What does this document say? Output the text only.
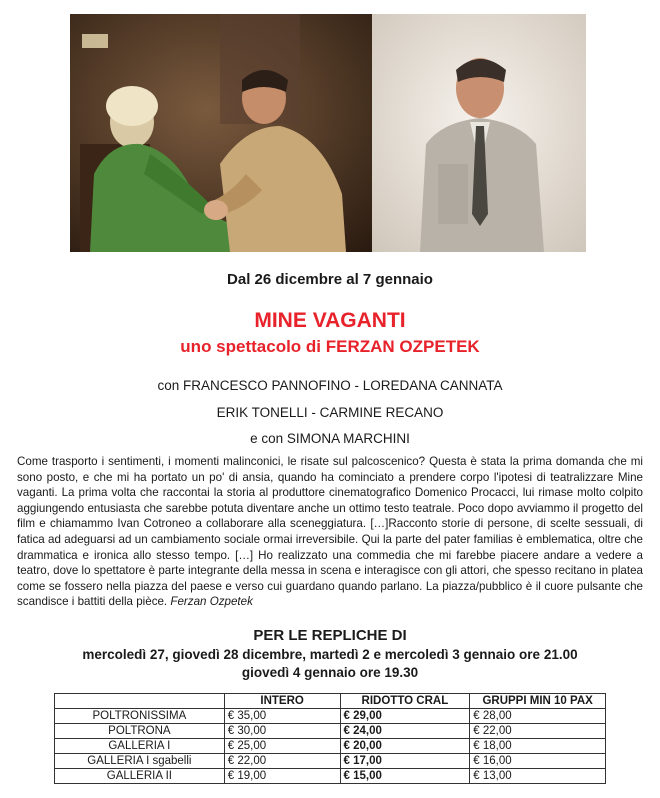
Dal 26 dicembre al 7 gennaio
MINE VAGANTI
uno spettacolo di FERZAN OZPETEK
con FRANCESCO PANNOFINO - LOREDANA CANNATA
ERIK TONELLI - CARMINE RECANO
e con SIMONA MARCHINI
Come trasporto i sentimenti, i momenti malinconici, le risate sul palcoscenico? Questa è stata la prima domanda che mi sono posto, e che mi ha portato un po' di ansia, quando ha cominciato a prendere corpo l'ipotesi di teatralizzare Mine vaganti. La prima volta che raccontai la storia al produttore cinematografico Domenico Procacci, lui rimase molto colpito aggiungendo entusiasta che sarebbe potuta diventare anche un ottimo testo teatrale. Poco dopo avviammo il progetto del film e chiamammo Ivan Cotroneo a collaborare alla sceneggiatura. […]Racconto storie di persone, di scelte sessuali, di fatica ad adeguarsi ad un cambiamento sociale ormai irreversibile. Qui la parte del pater familias è emblematica, oltre che drammatica e ironica allo stesso tempo. […] Ho realizzato una commedia che mi farebbe piacere andare a vedere a teatro, dove lo spettatore è parte integrante della messa in scena e interagisce con gli attori, che spesso recitano in platea come se fossero nella piazza del paese e verso cui guardano quando parlano. La piazza/pubblico è il cuore pulsante che scandisce i battiti della pièce. Ferzan Ozpetek
PER LE REPLICHE DI
mercoledì 27, giovedì 28 dicembre, martedì 2 e mercoledì 3 gennaio ore 21.00
giovedì 4 gennaio ore 19.30
	INTERO	RIDOTTO CRAL	GRUPPI MIN 10 PAX
POLTRONISSIMA	€ 35,00	€ 29,00	€ 28,00
POLTRONA	€ 30,00	€ 24,00	€ 22,00
GALLERIA I	€ 25,00	€ 20,00	€ 18,00
GALLERIA I sgabelli	€ 22,00	€ 17,00	€ 16,00
GALLERIA II	€ 19,00	€ 15,00	€ 13,00
